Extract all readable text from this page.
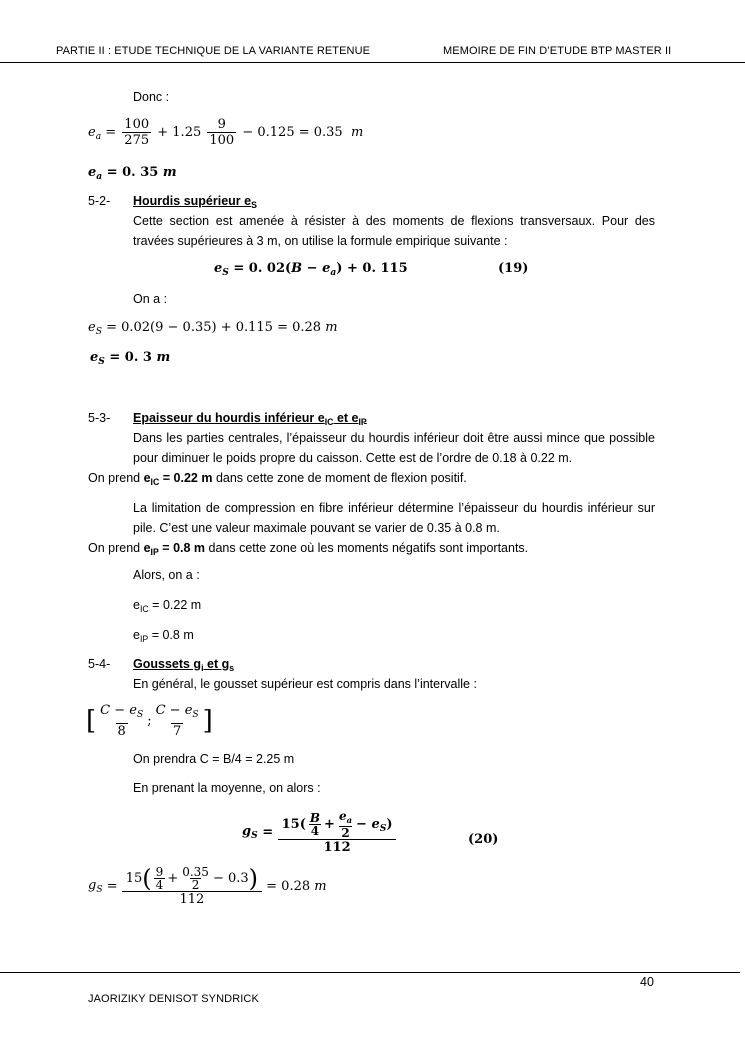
PARTIE II : ETUDE TECHNIQUE DE LA VARIANTE RETENUE	MEMOIRE DE FIN D’ETUDE BTP MASTER II
Donc :
$e_a = \frac{100}{275} + 1.25 \frac{9}{100} - 0.125 = 0.35$ m
$e_a = 0$. 35 m
5-2- Hourdis supérieur $e_S$
Cette section est amenée à résister à des moments de flexions transversaux. Pour des travées supérieures à 3 m, on utilise la formule empirique suivante :
$e_S = 0$. $02(B - e_a) + 0$. 115	(19)
On a :
$e_S = 0.02(9 - 0.35) + 0.115 = 0.28$ m
$e_S = 0$. 3 m
5-3- Epaisseur du hourdis inférieur $e_{IC}$ et $e_{IP}$
Dans les parties centrales, l’épaisseur du hourdis inférieur doit être aussi mince que possible pour diminuer le poids propre du caisson. Cette est de l’ordre de 0.18 à 0.22 m.
On prend $e_{IC} = 0.22$ m dans cette zone de moment de flexion positif.
La limitation de compression en fibre inférieur détermine l’épaisseur du hourdis inférieur sur pile. C’est une valeur maximale pouvant se varier de 0.35 à 0.8 m.
On prend $e_{IP} = 0.8$ m dans cette zone où les moments négatifs sont importants.
Alors, on a :
$e_{IC} = 0.22$ m
$e_{IP} = 0.8$ m
5-4- Goussets $g_i$ et $g_s$
En général, le gousset supérieur est compris dans l’intervalle :
[ $\frac{C - e_S}{8}$ ; $\frac{C - e_S}{7}$ ]
On prendra C = B/4 = 2.25 m
En prenant la moyenne, on alors :
$g_S = \frac{15( \frac{B}{4} + \frac{e_a}{2} - e_S)}{112}$	(20)
$g_S = \frac{15( \frac{9}{4} + \frac{0.35}{2} - 0.3)}{112} = 0.28$ m
40
JAORIZIKY DENISOT SYNDRICK
